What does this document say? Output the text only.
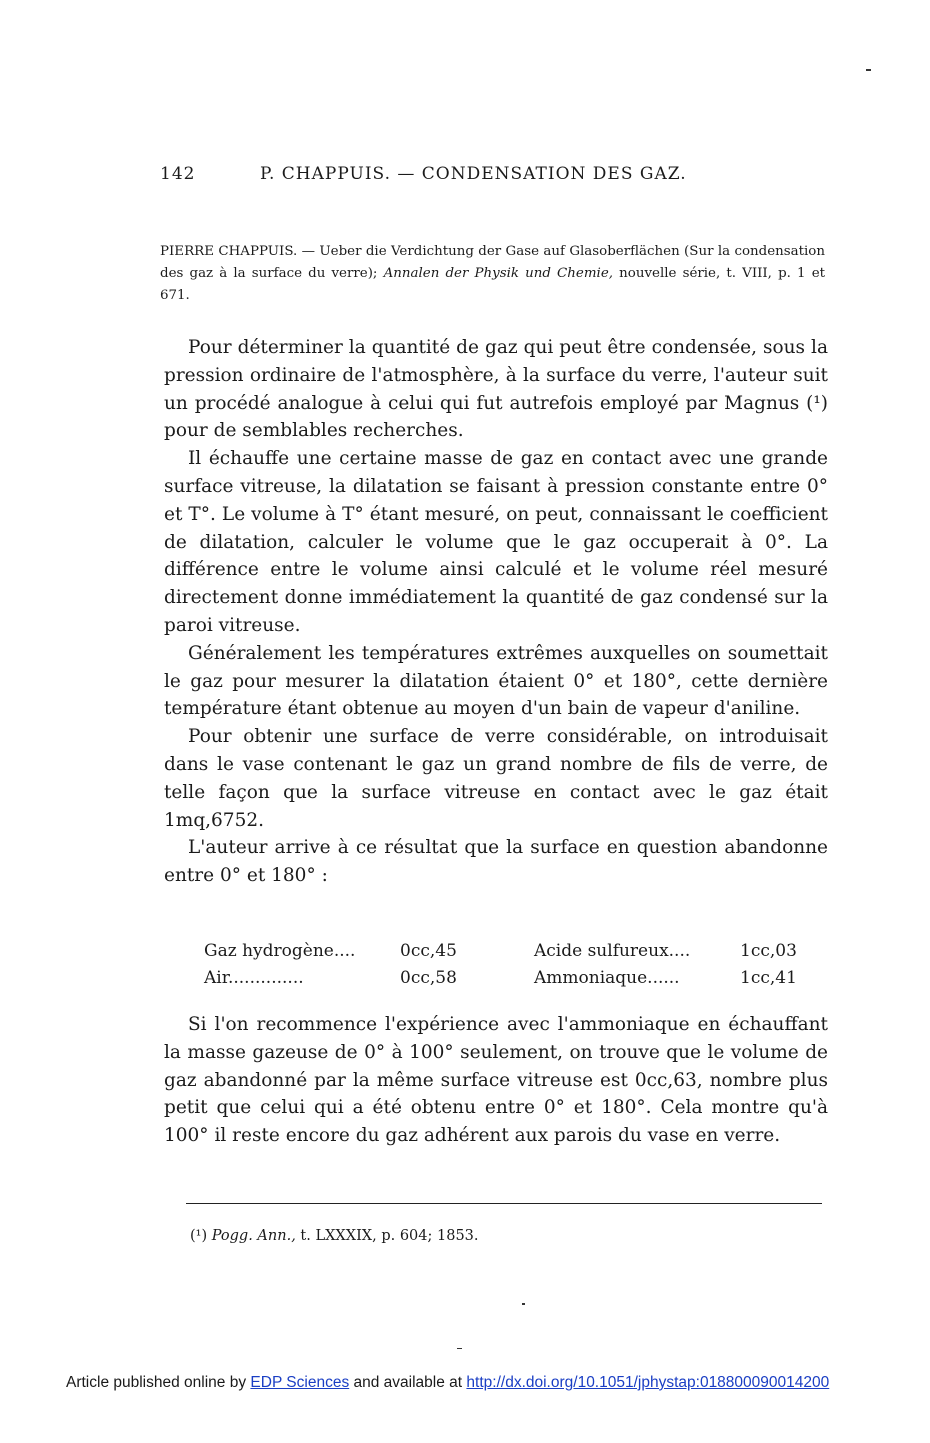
142	P. CHAPPUIS. — CONDENSATION DES GAZ.
PIERRE CHAPPUIS. — Ueber die Verdichtung der Gase auf Glasoberflächen (Sur la condensation des gaz à la surface du verre); Annalen der Physik und Chemie, nouvelle série, t. VIII, p. 1 et 671.

Pour déterminer la quantité de gaz qui peut être condensée, sous la pression ordinaire de l'atmosphère, à la surface du verre, l'auteur suit un procédé analogue à celui qui fut autrefois employé par Magnus (¹) pour de semblables recherches.

Il échauffe une certaine masse de gaz en contact avec une grande surface vitreuse, la dilatation se faisant à pression constante entre 0° et T°. Le volume à T° étant mesuré, on peut, connaissant le coefficient de dilatation, calculer le volume que le gaz occuperait à 0°. La différence entre le volume ainsi calculé et le volume réel mesuré directement donne immédiatement la quantité de gaz condensé sur la paroi vitreuse.

Généralement les températures extrêmes auxquelles on soumettait le gaz pour mesurer la dilatation étaient 0° et 180°, cette dernière température étant obtenue au moyen d'un bain de vapeur d'aniline.

Pour obtenir une surface de verre considérable, on introduisait dans le vase contenant le gaz un grand nombre de fils de verre, de telle façon que la surface vitreuse en contact avec le gaz était 1mq,6752.

L'auteur arrive à ce résultat que la surface en question abandonne entre 0° et 180° :

Gaz hydrogène....	0cc,45	Acide sulfureux....	1cc,03
Air..............	0cc,58	Ammoniaque......	1cc,41

Si l'on recommence l'expérience avec l'ammoniaque en échauffant la masse gazeuse de 0° à 100° seulement, on trouve que le volume de gaz abandonné par la même surface vitreuse est 0cc,63, nombre plus petit que celui qui a été obtenu entre 0° et 180°. Cela montre qu'à 100° il reste encore du gaz adhérent aux parois du vase en verre.

(¹) Pogg. Ann., t. LXXXIX, p. 604; 1853.
Article published online by EDP Sciences and available at http://dx.doi.org/10.1051/jphystap:018800090014200
